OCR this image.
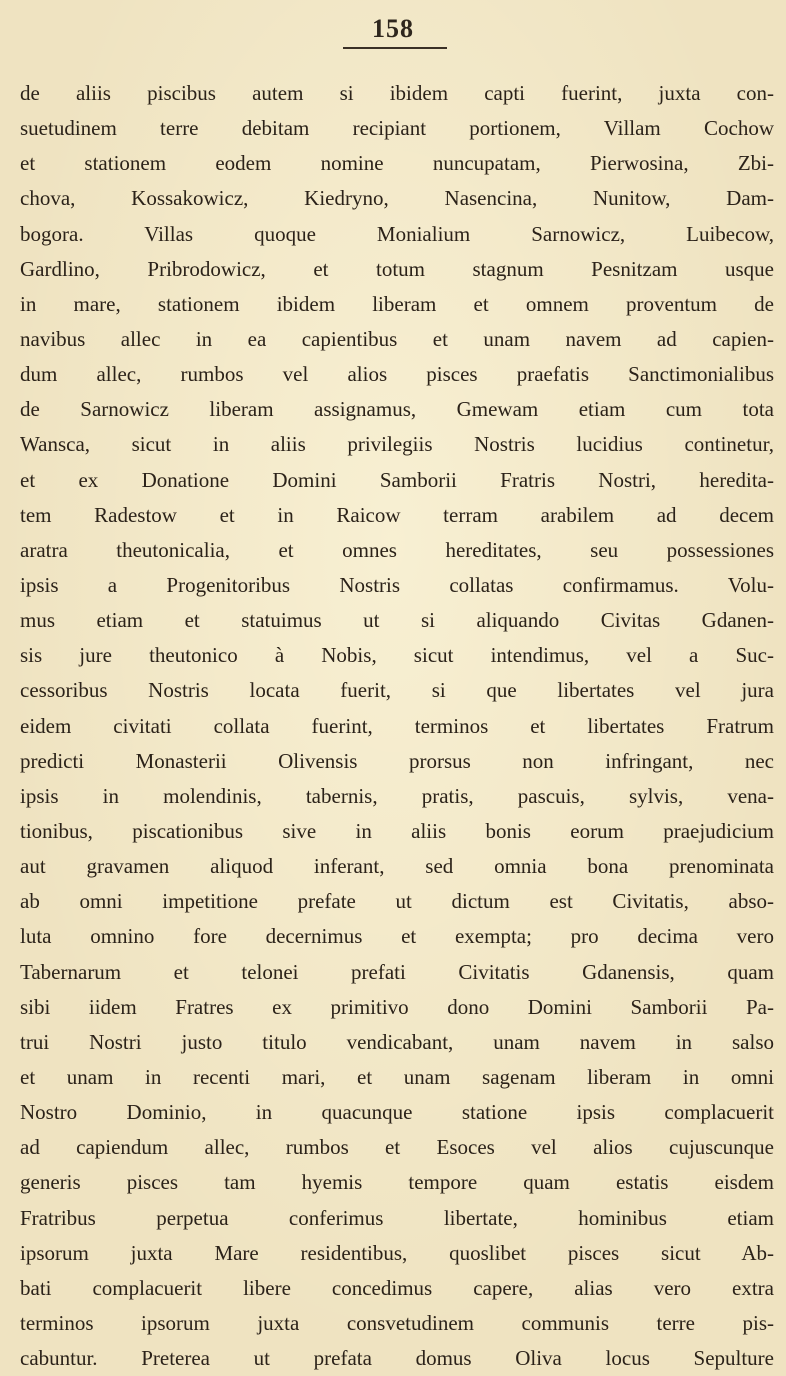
158
de aliis piscibus autem si ibidem capti fuerint, juxta con-
suetudinem terre debitam recipiant portionem, Villam Cochow
et stationem eodem nomine nuncupatam, Pierwosina, Zbi-
chova, Kossakowicz, Kiedryno, Nasencina, Nunitow, Dam-
bogora. Villas quoque Monialium Sarnowicz, Luibecow,
Gardlino, Pribrodowicz, et totum stagnum Pesnitzam usque
in mare, stationem ibidem liberam et omnem proventum de
navibus allec in ea capientibus et unam navem ad capien-
dum allec, rumbos vel alios pisces praefatis Sanctimonialibus
de Sarnowicz liberam assignamus, Gmewam etiam cum tota
Wansca, sicut in aliis privilegiis Nostris lucidius continetur,
et ex Donatione Domini Samborii Fratris Nostri, heredita-
tem Radestow et in Raicow terram arabilem ad decem
aratra theutonicalia, et omnes hereditates, seu possessiones
ipsis a Progenitoribus Nostris collatas confirmamus. Volu-
mus etiam et statuimus ut si aliquando Civitas Gdanen-
sis jure theutonico à Nobis, sicut intendimus, vel a Suc-
cessoribus Nostris locata fuerit, si que libertates vel jura
eidem civitati collata fuerint, terminos et libertates Fratrum
predicti Monasterii Olivensis prorsus non infringant, nec
ipsis in molendinis, tabernis, pratis, pascuis, sylvis, vena-
tionibus, piscationibus sive in aliis bonis eorum praejudicium
aut gravamen aliquod inferant, sed omnia bona prenominata
ab omni impetitione prefate ut dictum est Civitatis, abso-
luta omnino fore decernimus et exempta; pro decima vero
Tabernarum et telonei prefati Civitatis Gdanensis, quam
sibi iidem Fratres ex primitivo dono Domini Samborii Pa-
trui Nostri justo titulo vendicabant, unam navem in salso
et unam in recenti mari, et unam sagenam liberam in omni
Nostro Dominio, in quacunque statione ipsis complacuerit
ad capiendum allec, rumbos et Esoces vel alios cujuscunque
generis pisces tam hyemis tempore quam estatis eisdem
Fratribus perpetua conferimus libertate, hominibus etiam
ipsorum juxta Mare residentibus, quoslibet pisces sicut Ab-
bati complacuerit libere concedimus capere, alias vero extra
terminos ipsorum juxta consvetudinem communis terre pis-
cabuntur. Preterea ut prefata domus Oliva locus Sepulture
